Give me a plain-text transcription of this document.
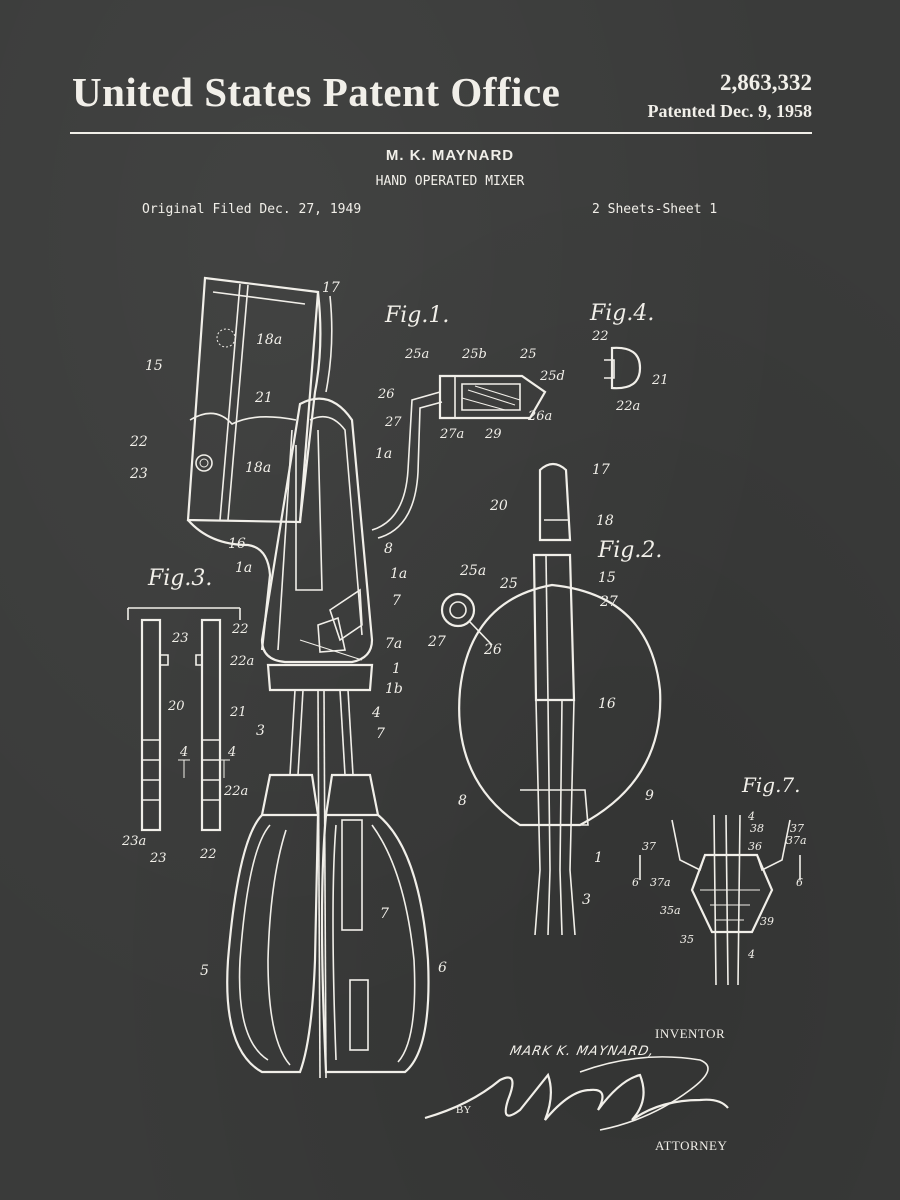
United States Patent Office	2,863,332
Patented Dec. 9, 1958
M. K. MAYNARD
HAND OPERATED MIXER
Original Filed Dec. 27, 1949	2 Sheets-Sheet 1
Fig.1.	Fig.4.
Fig.2.
Fig.3.
Fig.7.
17
18a
15
21
22
23	18a
1a
16
1a
8
1a
7
7a
1
1b
4
7
3
5	6
7
25a	25b	25
25d
26
27	26a
27a 29
22
21
22a
17
20
18
25a
25	15
27
27	26
16
8	9
1
3
23
22
22a
20	21
4	4
22a
23a
23	22
4
38 37
36 37a
37
6 37a	6
35a
39
35
4
INVENTOR
MARK K. MAYNARD,
BY
ATTORNEY
